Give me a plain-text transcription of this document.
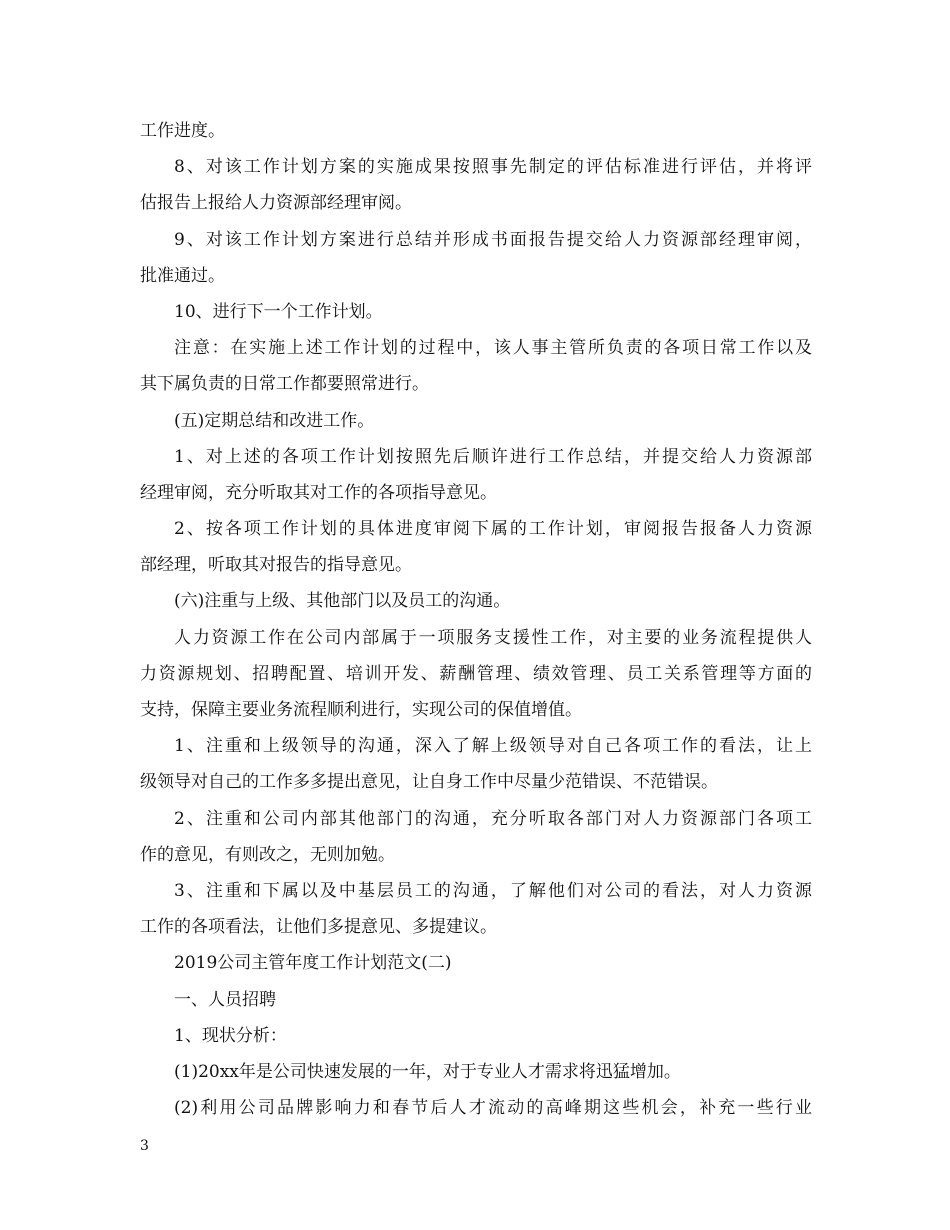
工作进度。
8、对该工作计划方案的实施成果按照事先制定的评估标准进行评估，并将评
估报告上报给人力资源部经理审阅。
9、对该工作计划方案进行总结并形成书面报告提交给人力资源部经理审阅，
批准通过。
10、进行下一个工作计划。
注意：在实施上述工作计划的过程中，该人事主管所负责的各项日常工作以及
其下属负责的日常工作都要照常进行。
(五)定期总结和改进工作。
1、对上述的各项工作计划按照先后顺许进行工作总结，并提交给人力资源部
经理审阅，充分听取其对工作的各项指导意见。
2、按各项工作计划的具体进度审阅下属的工作计划，审阅报告报备人力资源
部经理，听取其对报告的指导意见。
(六)注重与上级、其他部门以及员工的沟通。
人力资源工作在公司内部属于一项服务支援性工作，对主要的业务流程提供人
力资源规划、招聘配置、培训开发、薪酬管理、绩效管理、员工关系管理等方面的
支持，保障主要业务流程顺利进行，实现公司的保值增值。
1、注重和上级领导的沟通，深入了解上级领导对自己各项工作的看法，让上
级领导对自己的工作多多提出意见，让自身工作中尽量少范错误、不范错误。
2、注重和公司内部其他部门的沟通，充分听取各部门对人力资源部门各项工
作的意见，有则改之，无则加勉。
3、注重和下属以及中基层员工的沟通，了解他们对公司的看法，对人力资源
工作的各项看法，让他们多提意见、多提建议。
2019公司主管年度工作计划范文(二)
一、人员招聘
1、现状分析：
(1)20xx年是公司快速发展的一年，对于专业人才需求将迅猛增加。
(2)利用公司品牌影响力和春节后人才流动的高峰期这些机会，补充一些行业
3
